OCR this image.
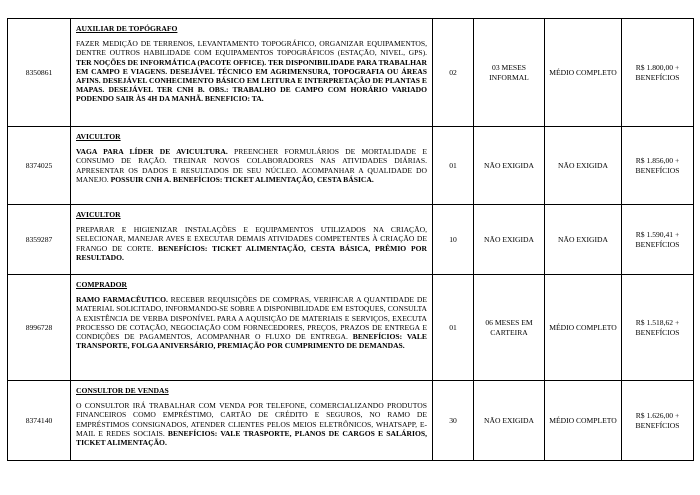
8350861	AUXILIAR DE TOPÓGRAFO
FAZER MEDIÇÃO DE TERRENOS, LEVANTAMENTO TOPOGRÁFICO, ORGANIZAR EQUIPAMENTOS, DENTRE OUTROS HABILIDADE COM EQUIPAMENTOS TOPOGRÁFICOS (ESTAÇÃO, NIVEL, GPS). TER NOÇÕES DE INFORMÁTICA (PACOTE OFFICE). TER DISPONIBILIDADE PARA TRABALHAR EM CAMPO E VIAGENS. DESEJÁVEL TÉCNICO EM AGRIMENSURA, TOPOGRAFIA OU ÁREAS AFINS. DESEJÁVEL CONHECIMENTO BÁSICO EM LEITURA E INTERPRETAÇÃO DE PLANTAS E MAPAS. DESEJÁVEL TER CNH B. OBS.: TRABALHO DE CAMPO COM HORÁRIO VARIADO PODENDO SAIR ÀS 4H DA MANHÃ. BENEFICIO: TA.	02	03 MESES INFORMAL	MÉDIO COMPLETO	R$ 1.800,00 + BENEFÍCIOS
8374025	AVICULTOR
VAGA PARA LÍDER DE AVICULTURA. PREENCHER FORMULÁRIOS DE MORTALIDADE E CONSUMO DE RAÇÃO. TREINAR NOVOS COLABORADORES NAS ATIVIDADES DIÁRIAS. APRESENTAR OS DADOS E RESULTADOS DE SEU NÚCLEO. ACOMPANHAR A QUALIDADE DO MANEJO. POSSUIR CNH A. BENEFÍCIOS: TICKET ALIMENTAÇÃO, CESTA BÁSICA.	01	NÃO EXIGIDA	NÃO EXIGIDA	R$ 1.856,00 + BENEFÍCIOS
8359287	AVICULTOR
PREPARAR E HIGIENIZAR INSTALAÇÕES E EQUIPAMENTOS UTILIZADOS NA CRIAÇÃO, SELECIONAR, MANEJAR AVES E EXECUTAR DEMAIS ATIVIDADES COMPETENTES À CRIAÇÃO DE FRANGO DE CORTE. BENEFÍCIOS: TICKET ALIMENTAÇÃO, CESTA BÁSICA, PRÊMIO POR RESULTADO.	10	NÃO EXIGIDA	NÃO EXIGIDA	R$ 1.590,41 + BENEFÍCIOS
8996728	COMPRADOR
RAMO FARMACÊUTICO. RECEBER REQUISIÇÕES DE COMPRAS, VERIFICAR A QUANTIDADE DE MATERIAL SOLICITADO, INFORMANDO-SE SOBRE A DISPONIBILIDADE EM ESTOQUES, CONSULTA A EXISTÊNCIA DE VERBA DISPONÍVEL PARA A AQUISIÇÃO DE MATERIAIS E SERVIÇOS, EXECUTA PROCESSO DE COTAÇÃO, NEGOCIAÇÃO COM FORNECEDORES, PREÇOS, PRAZOS DE ENTREGA E CONDIÇÕES DE PAGAMENTOS, ACOMPANHAR O FLUXO DE ENTREGA. BENEFÍCIOS: VALE TRANSPORTE, FOLGA ANIVERSÁRIO, PREMIAÇÃO POR CUMPRIMENTO DE DEMANDAS.	01	06 MESES EM CARTEIRA	MÉDIO COMPLETO	R$ 1.518,62 + BENEFÍCIOS
8374140	CONSULTOR DE VENDAS
O CONSULTOR IRÁ TRABALHAR COM VENDA POR TELEFONE, COMERCIALIZANDO PRODUTOS FINANCEIROS COMO EMPRÉSTIMO, CARTÃO DE CRÉDITO E SEGUROS, NO RAMO DE EMPRÉSTIMOS CONSIGNADOS, ATENDER CLIENTES PELOS MEIOS ELETRÔNICOS, WHATSAPP, E-MAIL E REDES SOCIAIS. BENEFÍCIOS: VALE TRASPORTE, PLANOS DE CARGOS E SALÁRIOS, TICKET ALIMENTAÇÃO.	30	NÃO EXIGIDA	MÉDIO COMPLETO	R$ 1.626,00 + BENEFÍCIOS
